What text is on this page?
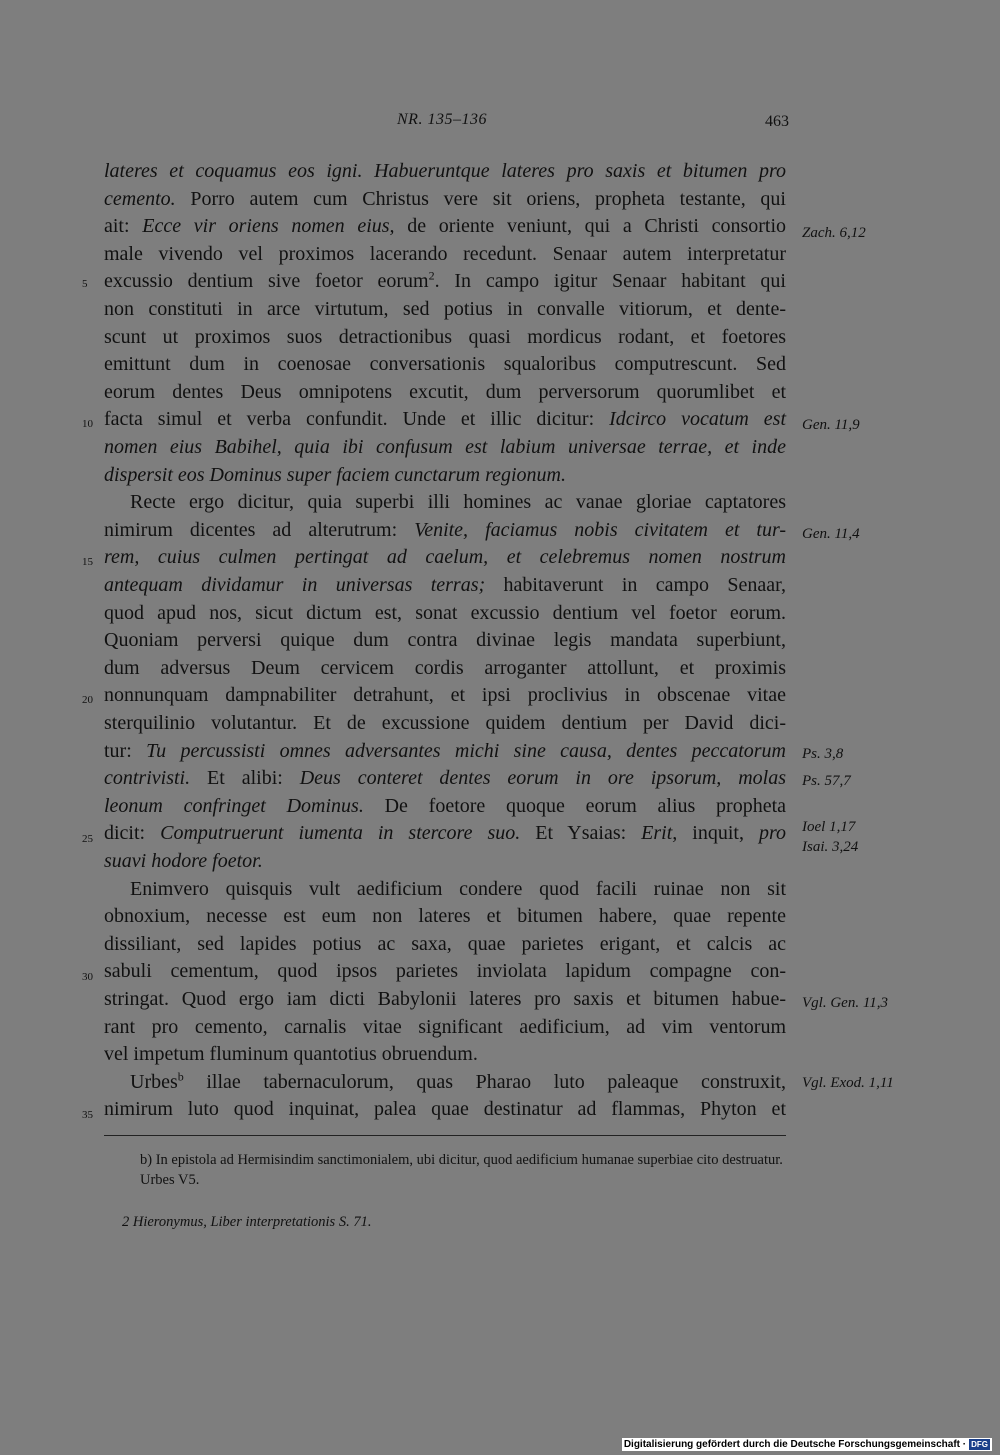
NR. 135–136	463
lateres et coquamus eos igni. Habueruntque lateres pro saxis et bitumen pro
cemento. Porro autem cum Christus vere sit oriens, propheta testante, qui
ait: Ecce vir oriens nomen eius, de oriente veniunt, qui a Christi consortio
male vivendo vel proximos lacerando recedunt. Senaar autem interpretatur
excussio dentium sive foetor eorum$^2$. In campo igitur Senaar habitant qui
non constituti in arce virtutum, sed potius in convalle vitiorum, et dente-
scunt ut proximos suos detractionibus quasi mordicus rodant, et foetores
emittunt dum in coenosae conversationis squaloribus computrescunt. Sed
eorum dentes Deus omnipotens excutit, dum perversorum quorumlibet et
facta simul et verba confundit. Unde et illic dicitur: Idcirco vocatum est
nomen eius Babihel, quia ibi confusum est labium universae terrae, et inde
dispersit eos Dominus super faciem cunctarum regionum.
Recte ergo dicitur, quia superbi illi homines ac vanae gloriae captatores
nimirum dicentes ad alterutrum: Venite, faciamus nobis civitatem et tur-
rem, cuius culmen pertingat ad caelum, et celebremus nomen nostrum
antequam dividamur in universas terras; habitaverunt in campo Senaar,
quod apud nos, sicut dictum est, sonat excussio dentium vel foetor eorum.
Quoniam perversi quique dum contra divinae legis mandata superbiunt,
dum adversus Deum cervicem cordis arroganter attollunt, et proximis
nonnunquam dampnabiliter detrahunt, et ipsi proclivius in obscenae vitae
sterquilinio volutantur. Et de excussione quidem dentium per David dici-
tur: Tu percussisti omnes adversantes michi sine causa, dentes peccatorum
contrivisti. Et alibi: Deus conteret dentes eorum in ore ipsorum, molas
leonum confringet Dominus. De foetore quoque eorum alius propheta
dicit: Computruerunt iumenta in stercore suo. Et Ysaias: Erit, inquit, pro
suavi hodore foetor.
Enimvero quisquis vult aedificium condere quod facili ruinae non sit
obnoxium, necesse est eum non lateres et bitumen habere, quae repente
dissiliant, sed lapides potius ac saxa, quae parietes erigant, et calcis ac
sabuli cementum, quod ipsos parietes inviolata lapidum compagne con-
stringat. Quod ergo iam dicti Babylonii lateres pro saxis et bitumen habue-
rant pro cemento, carnalis vitae significant aedificium, ad vim ventorum
vel impetum fluminum quantotius obruendum.
Urbes$^b$ illae tabernaculorum, quas Pharao luto paleaque construxit,
nimirum luto quod inquinat, palea quae destinatur ad flammas, Phyton et
5
10
15
20
25
30
35
Zach. 6,12
Gen. 11,9
Gen. 11,4
Ps. 3,8
Ps. 57,7
Ioel 1,17
Isai. 3,24
Vgl. Gen. 11,3
Vgl. Exod. 1,11
b) In epistola ad Hermisindim sanctimonialem, ubi dicitur, quod aedificium humanae superbiae cito destruatur. Urbes V5.
2 Hieronymus, Liber interpretationis S. 71.
Digitalisierung gefördert durch die Deutsche Forschungsgemeinschaft · DFG
